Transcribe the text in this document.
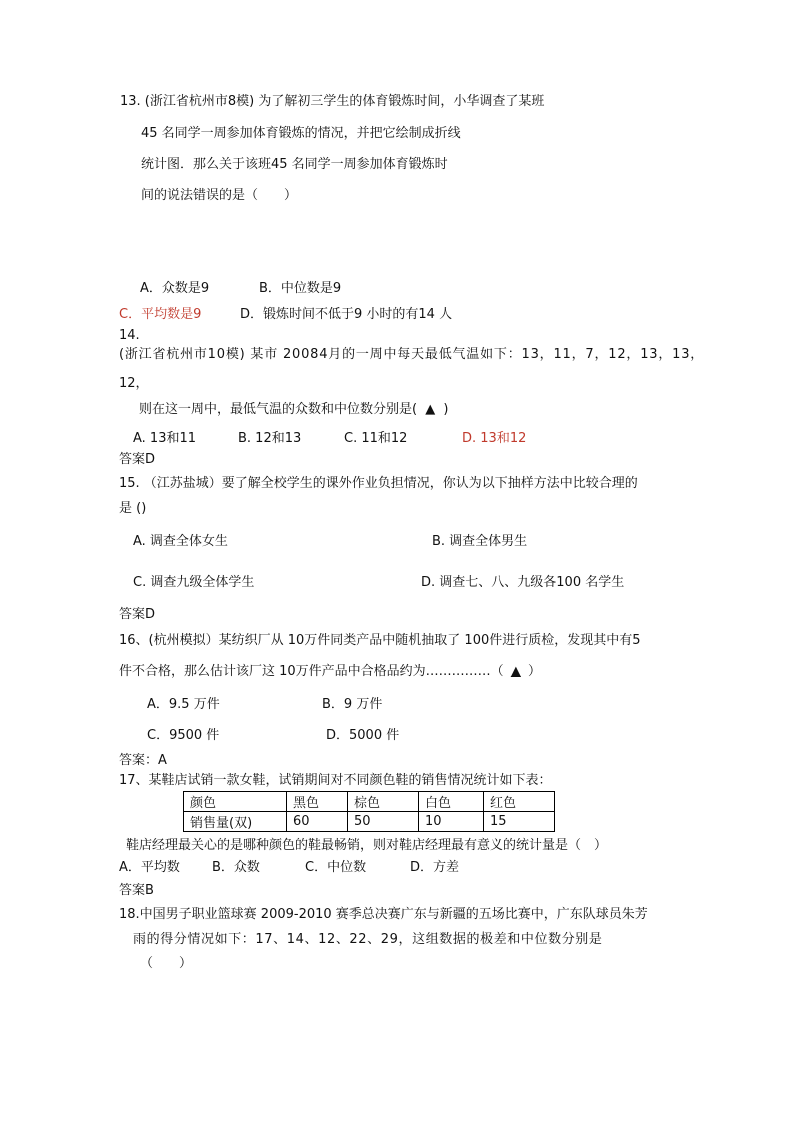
13. (浙江省杭州市8模) 为了解初三学生的体育锻炼时间，小华调查了某班
45 名同学一周参加体育锻炼的情况，并把它绘制成折线
统计图．那么关于该班45 名同学一周参加体育锻炼时
间的说法错误的是（　　）
A．众数是9	B．中位数是9
C．平均数是9	D．锻炼时间不低于9 小时的有14 人
14.
(浙江省杭州市10模) 某市 20084月的一周中每天最低气温如下：13，11，7，12，13，13，
12，
则在这一周中，最低气温的众数和中位数分别是( ▲ )
A. 13和11	B. 12和13	C. 11和12	D. 13和12
答案D
15. （江苏盐城）要了解全校学生的课外作业负担情况，你认为以下抽样方法中比较合理的
是 ()
A. 调查全体女生	B. 调查全体男生
C. 调查九级全体学生	D. 调查七、八、九级各100 名学生
答案D
16、(杭州模拟）某纺织厂从 10万件同类产品中随机抽取了 100件进行质检，发现其中有5
件不合格，那么估计该厂这 10万件产品中合格品约为……………（ ▲ ）
A．9.5 万件	B．9 万件
C．9500 件	D．5000 件
答案：A
17、某鞋店试销一款女鞋，试销期间对不同颜色鞋的销售情况统计如下表：
颜色	黑色	棕色	白色	红色
销售量(双)	60	50	10	15
鞋店经理最关心的是哪种颜色的鞋最畅销，则对鞋店经理最有意义的统计量是（　）
A．平均数 B．众数	C．中位数	D．方差
答案B
18.中国男子职业篮球赛 2009-2010 赛季总决赛广东与新疆的五场比赛中，广东队球员朱芳
雨的得分情况如下：17、14、12、22、29，这组数据的极差和中位数分别是
（　　）
